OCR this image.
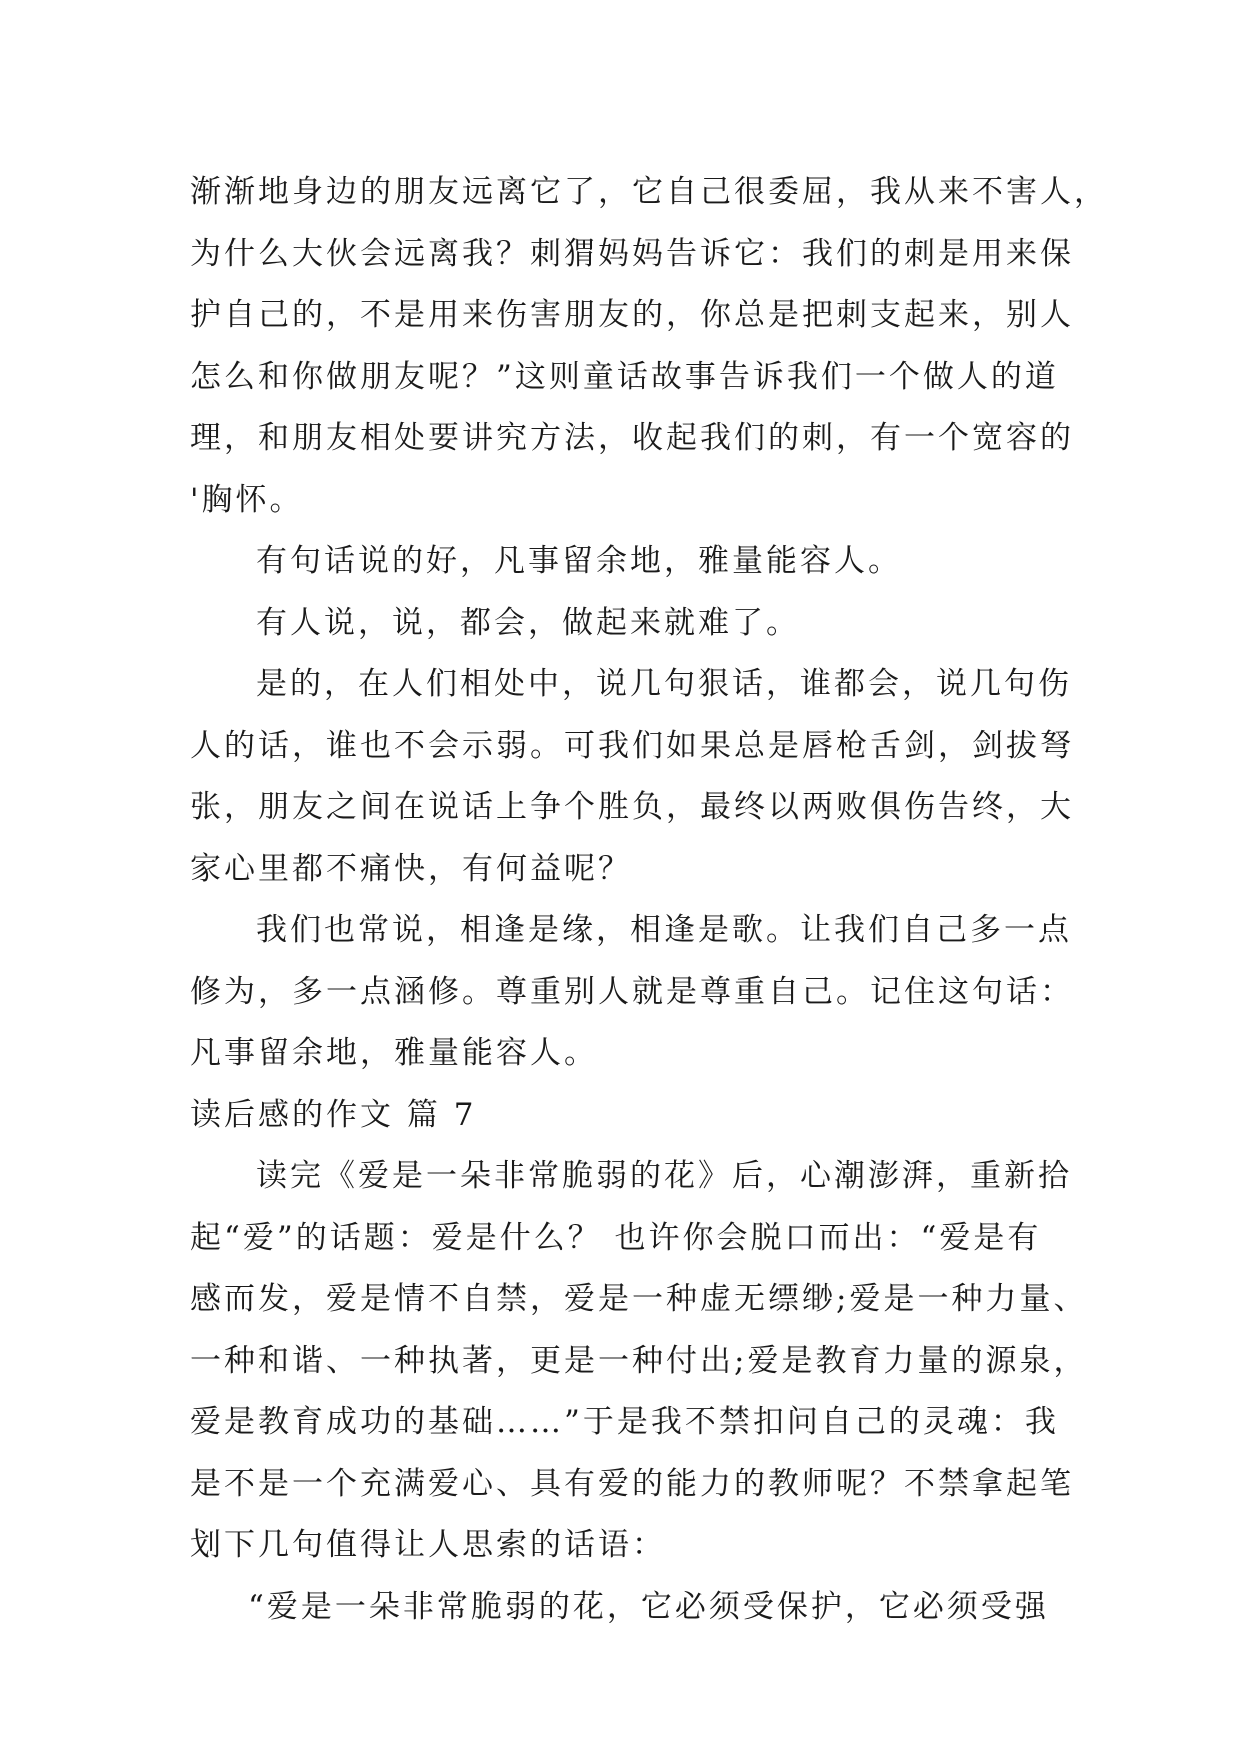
渐渐地身边的朋友远离它了，它自己很委屈，我从来不害人，
为什么大伙会远离我？刺猬妈妈告诉它：我们的刺是用来保
护自己的，不是用来伤害朋友的，你总是把刺支起来，别人
怎么和你做朋友呢？”这则童话故事告诉我们一个做人的道
理，和朋友相处要讲究方法，收起我们的刺，有一个宽容的
'胸怀。
有句话说的好，凡事留余地，雅量能容人。
有人说，说，都会，做起来就难了。
是的，在人们相处中，说几句狠话，谁都会，说几句伤
人的话，谁也不会示弱。可我们如果总是唇枪舌剑，剑拔弩
张，朋友之间在说话上争个胜负，最终以两败俱伤告终，大
家心里都不痛快，有何益呢？
我们也常说，相逢是缘，相逢是歌。让我们自己多一点
修为，多一点涵修。尊重别人就是尊重自己。记住这句话：
凡事留余地，雅量能容人。
读后感的作文 篇 7
读完《爱是一朵非常脆弱的花》后，心潮澎湃，重新拾
起“爱”的话题：爱是什么？ 也许你会脱口而出：“爱是有
感而发，爱是情不自禁，爱是一种虚无缥缈;爱是一种力量、
一种和谐、一种执著，更是一种付出;爱是教育力量的源泉，
爱是教育成功的基础……”于是我不禁扣问自己的灵魂：我
是不是一个充满爱心、具有爱的能力的教师呢？不禁拿起笔
划下几句值得让人思索的话语：
“爱是一朵非常脆弱的花，它必须受保护，它必须受强
